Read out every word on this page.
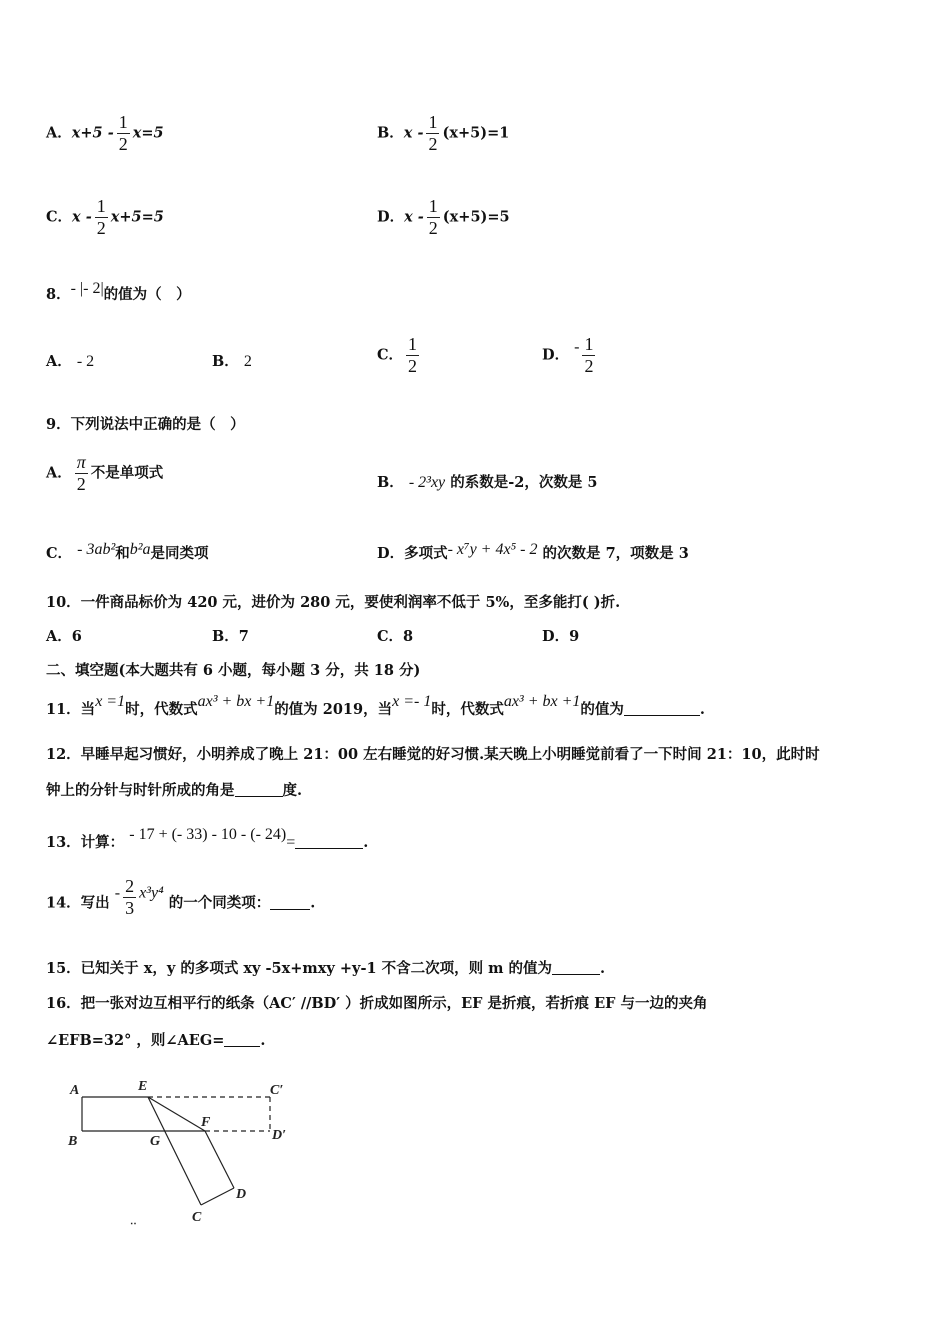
A．$x+5 - \frac{1}{2} x=5$	B．$x - \frac{1}{2} (x+5)=1$
C．$x - \frac{1}{2} x+5=5$	D．$x - \frac{1}{2} (x+5)=5$
8．- |- 2|的值为（　）
A． - 2	B． 2	C． $\frac{1}{2}$	D． - $\frac{1}{2}$
9．下列说法中正确的是（　）
A． $\frac{\pi}{2}$ 不是单项式
B． - 2³xy 的系数是-2，次数是 5
C． - 3ab²和b²a是同类项	D．多项式- x⁷y + 4x⁵ - 2 的次数是 7，项数是 3
10．一件商品标价为 420 元，进价为 280 元，要使利润率不低于 5%，至多能打( )折.
A．6	B．7	C．8	D．9
二、填空题(本大题共有 6 小题，每小题 3 分，共 18 分)
11．当x =1时，代数式ax³ + bx +1的值为 2019，当x =- 1时，代数式ax³ + bx +1的值为	.
12．早睡早起习惯好，小明养成了晚上 21：00 左右睡觉的好习惯.某天晚上小明睡觉前看了一下时间 21：10，此时时
钟上的分针与时针所成的角是	度.
13．计算： - 17 + (- 33) - 10 - (- 24)=	.
14．写出 - $\frac{2}{3} x^3y^4$ 的一个同类项：	.
15．已知关于 x，y 的多项式 xy -5x+mxy +y-1 不含二次项，则 m 的值为	.
16．把一张对边互相平行的纸条（AC′ //BD′ ）折成如图所示，EF 是折痕，若折痕 EF 与一边的夹角
∠EFB=32° ，则∠AEG= .
A	E	C′
B	G
F
D′
D
C
‥
